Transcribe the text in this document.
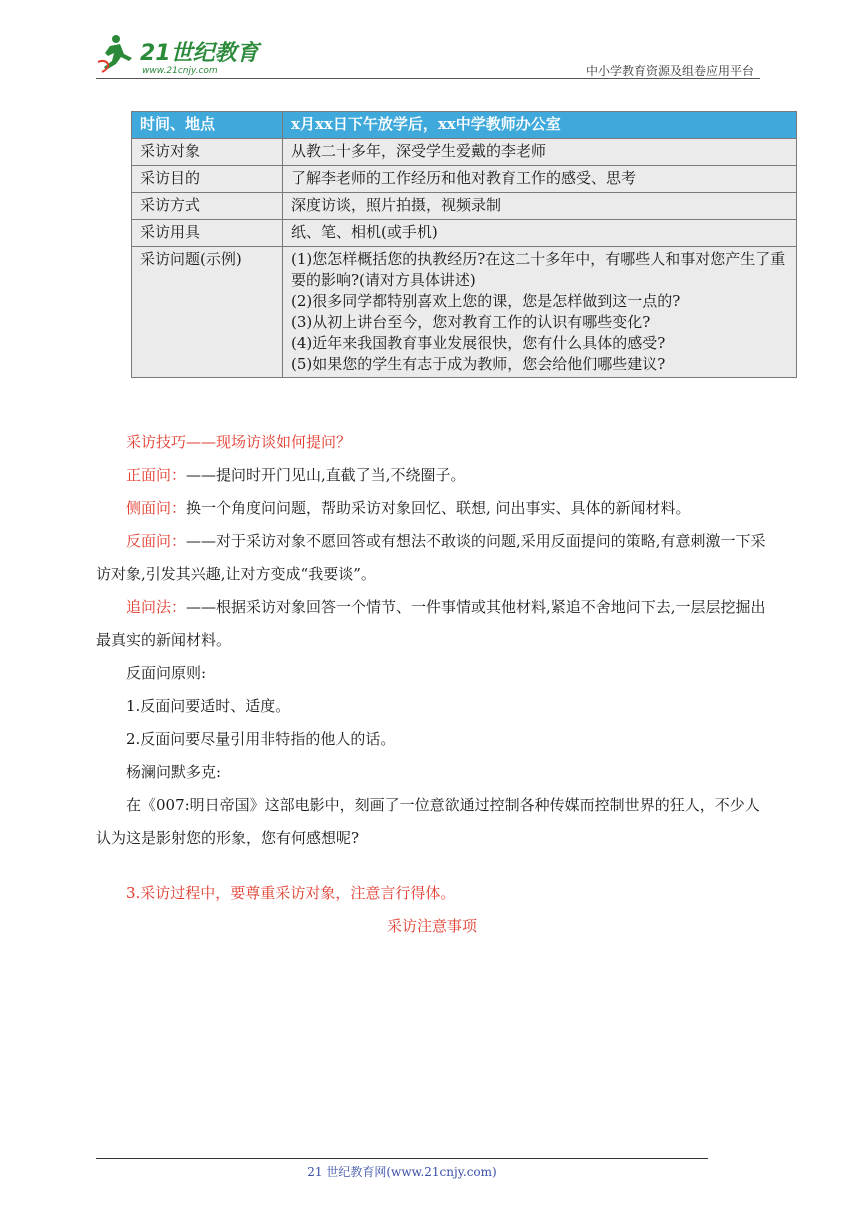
21世纪教育
www.21cnjy.com	中小学教育资源及组卷应用平台
时间、地点	x月xx日下午放学后，xx中学教师办公室
采访对象	从教二十多年，深受学生爱戴的李老师
采访目的	了解李老师的工作经历和他对教育工作的感受、思考
采访方式	深度访谈，照片拍摄，视频录制
采访用具	纸、笔、相机(或手机)
采访问题(示例)	(1)您怎样概括您的执教经历?在这二十多年中，有哪些人和事对您产生了重要的影响?(请对方具体讲述)
(2)很多同学都特别喜欢上您的课，您是怎样做到这一点的?
(3)从初上讲台至今，您对教育工作的认识有哪些变化?
(4)近年来我国教育事业发展很快，您有什么具体的感受?
(5)如果您的学生有志于成为教师，您会给他们哪些建议?

采访技巧——现场访谈如何提问？

正面问：——提问时开门见山,直截了当,不绕圈子。

侧面问：换一个角度问问题，帮助采访对象回忆、联想, 问出事实、具体的新闻材料。

反面问：——对于采访对象不愿回答或有想法不敢谈的问题,采用反面提问的策略,有意刺激一下采访对象,引发其兴趣,让对方变成“我要谈”。

追问法：——根据采访对象回答一个情节、一件事情或其他材料,紧追不舍地问下去,一层层挖掘出最真实的新闻材料。

反面问原则:

1.反面问要适时、适度。

2.反面问要尽量引用非特指的他人的话。

杨澜问默多克:

在《007:明日帝国》这部电影中，刻画了一位意欲通过控制各种传媒而控制世界的狂人，不少人认为这是影射您的形象，您有何感想呢?

3.采访过程中，要尊重采访对象，注意言行得体。

采访注意事项

21 世纪教育网(www.21cnjy.com)
